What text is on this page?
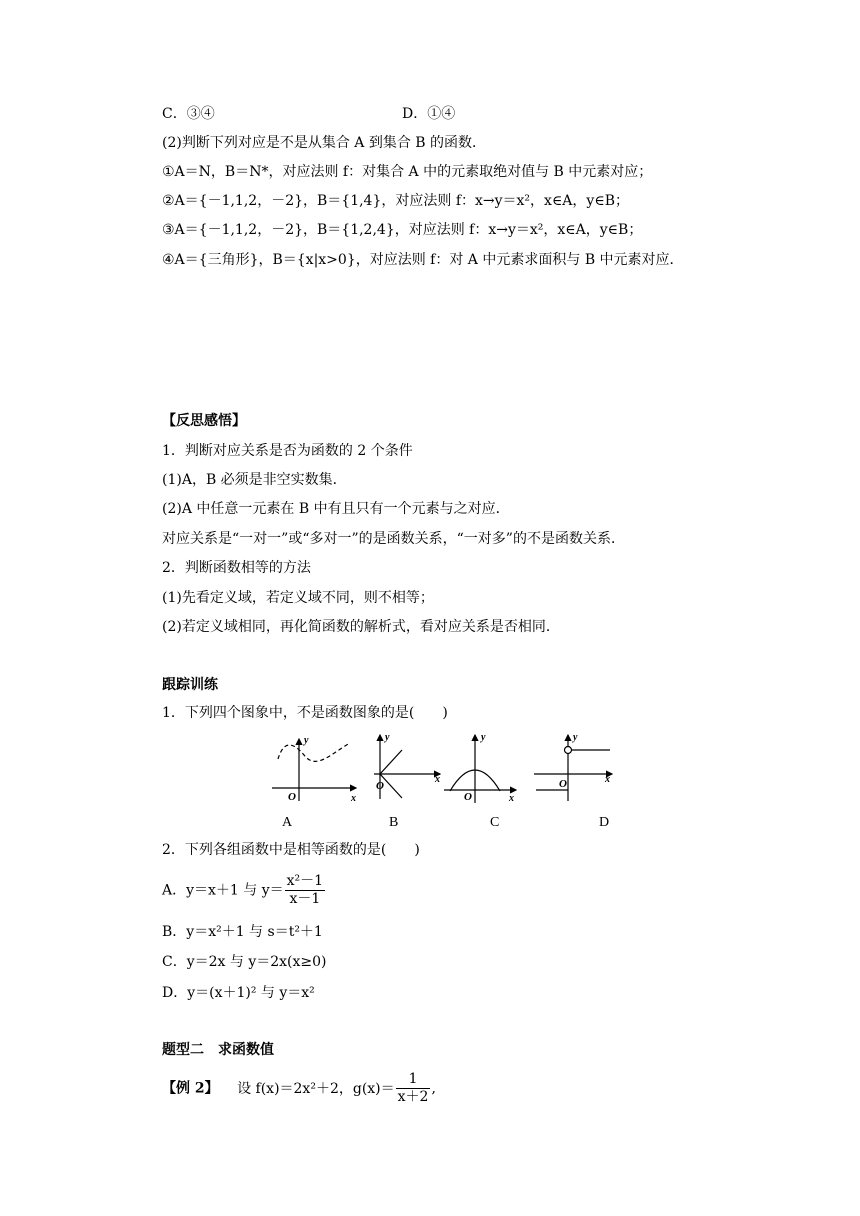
C．③④	D．①④
(2)判断下列对应是不是从集合 A 到集合 B 的函数．
①A＝N，B＝N*，对应法则 f：对集合 A 中的元素取绝对值与 B 中元素对应；
②A＝{－1,1,2，－2}，B＝{1,4}，对应法则 f：x→y＝x²，x∈A，y∈B；
③A＝{－1,1,2，－2}，B＝{1,2,4}，对应法则 f：x→y＝x²，x∈A，y∈B；
④A＝{三角形}，B＝{x|x>0}，对应法则 f：对 A 中元素求面积与 B 中元素对应．
【反思感悟】
1．判断对应关系是否为函数的 2 个条件
(1)A，B 必须是非空实数集．
(2)A 中任意一元素在 B 中有且只有一个元素与之对应．
对应关系是“一对一”或“多对一”的是函数关系，“一对多”的不是函数关系．
2．判断函数相等的方法
(1)先看定义域，若定义域不同，则不相等；
(2)若定义域相同，再化简函数的解析式，看对应关系是否相同．
跟踪训练
1．下列四个图象中，不是函数图象的是(　　)
O	x
y
O
x
y
O	x
y
O	x
y
A	B	C	D
2．下列各组函数中是相等函数的是(　　)
A．y＝x＋1 与 $y= \frac{\text{x²－1}}{x-1}$
B．y＝x²＋1 与 s＝t²＋1
C．y＝2x 与 y＝2x(x≥0)
D．y＝(x＋1)² 与 y＝x²
题型二　求函数值
【例 2】 设 f(x)＝2x²＋2，$g(x)= \frac{1}{x+2}$ ,
